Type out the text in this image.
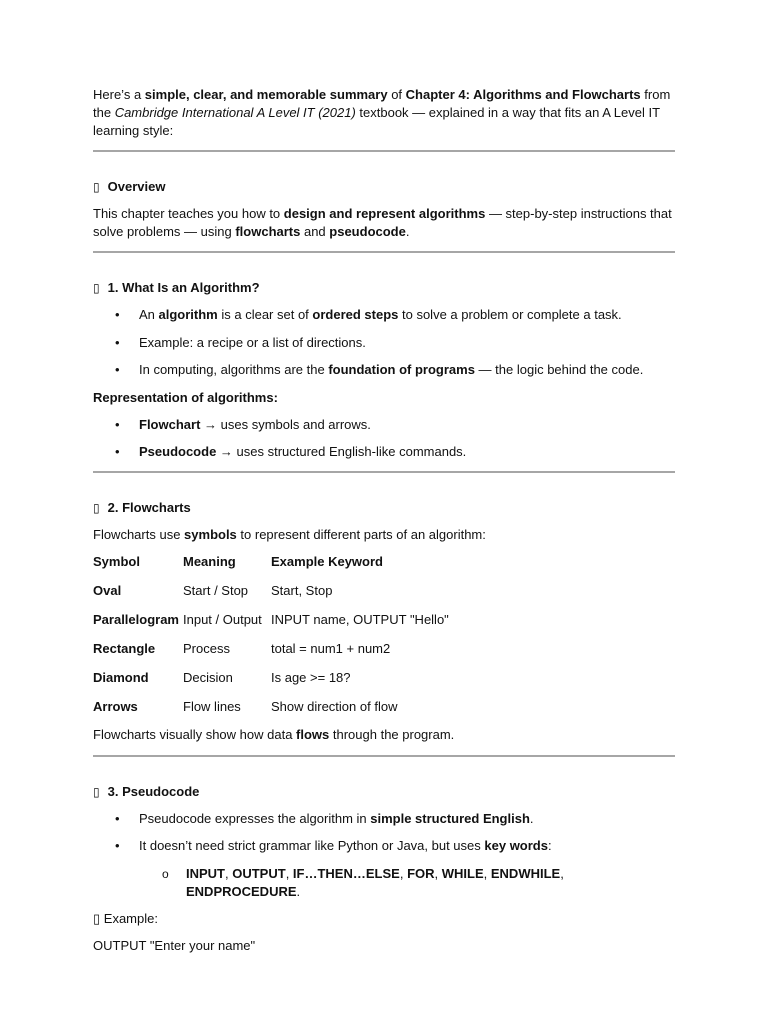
Here’s a simple, clear, and memorable summary of Chapter 4: Algorithms and Flowcharts from the Cambridge International A Level IT (2021) textbook — explained in a way that fits an A Level IT learning style:

▯ Overview

This chapter teaches you how to design and represent algorithms — step-by-step instructions that solve problems — using flowcharts and pseudocode.

▯ 1. What Is an Algorithm?
• An algorithm is a clear set of ordered steps to solve a problem or complete a task.
• Example: a recipe or a list of directions.
• In computing, algorithms are the foundation of programs — the logic behind the code.

Representation of algorithms:

• Flowchart → uses symbols and arrows.
• Pseudocode → uses structured English-like commands.
▯ 2. Flowcharts

Flowcharts use symbols to represent different parts of an algorithm:

Symbol	Meaning	Example Keyword
Oval	Start / Stop	Start, Stop
Parallelogram	Input / Output	INPUT name, OUTPUT "Hello"
Rectangle	Process	total = num1 + num2
Diamond	Decision	Is age >= 18?
Arrows	Flow lines	Show direction of flow

Flowcharts visually show how data flows through the program.

▯ 3. Pseudocode
• Pseudocode expresses the algorithm in simple structured English.
• It doesn’t need strict grammar like Python or Java, but uses key words:
o INPUT, OUTPUT, IF…THEN…ELSE, FOR, WHILE, ENDWHILE, ENDPROCEDURE.

▯ Example:

OUTPUT "Enter your name"
